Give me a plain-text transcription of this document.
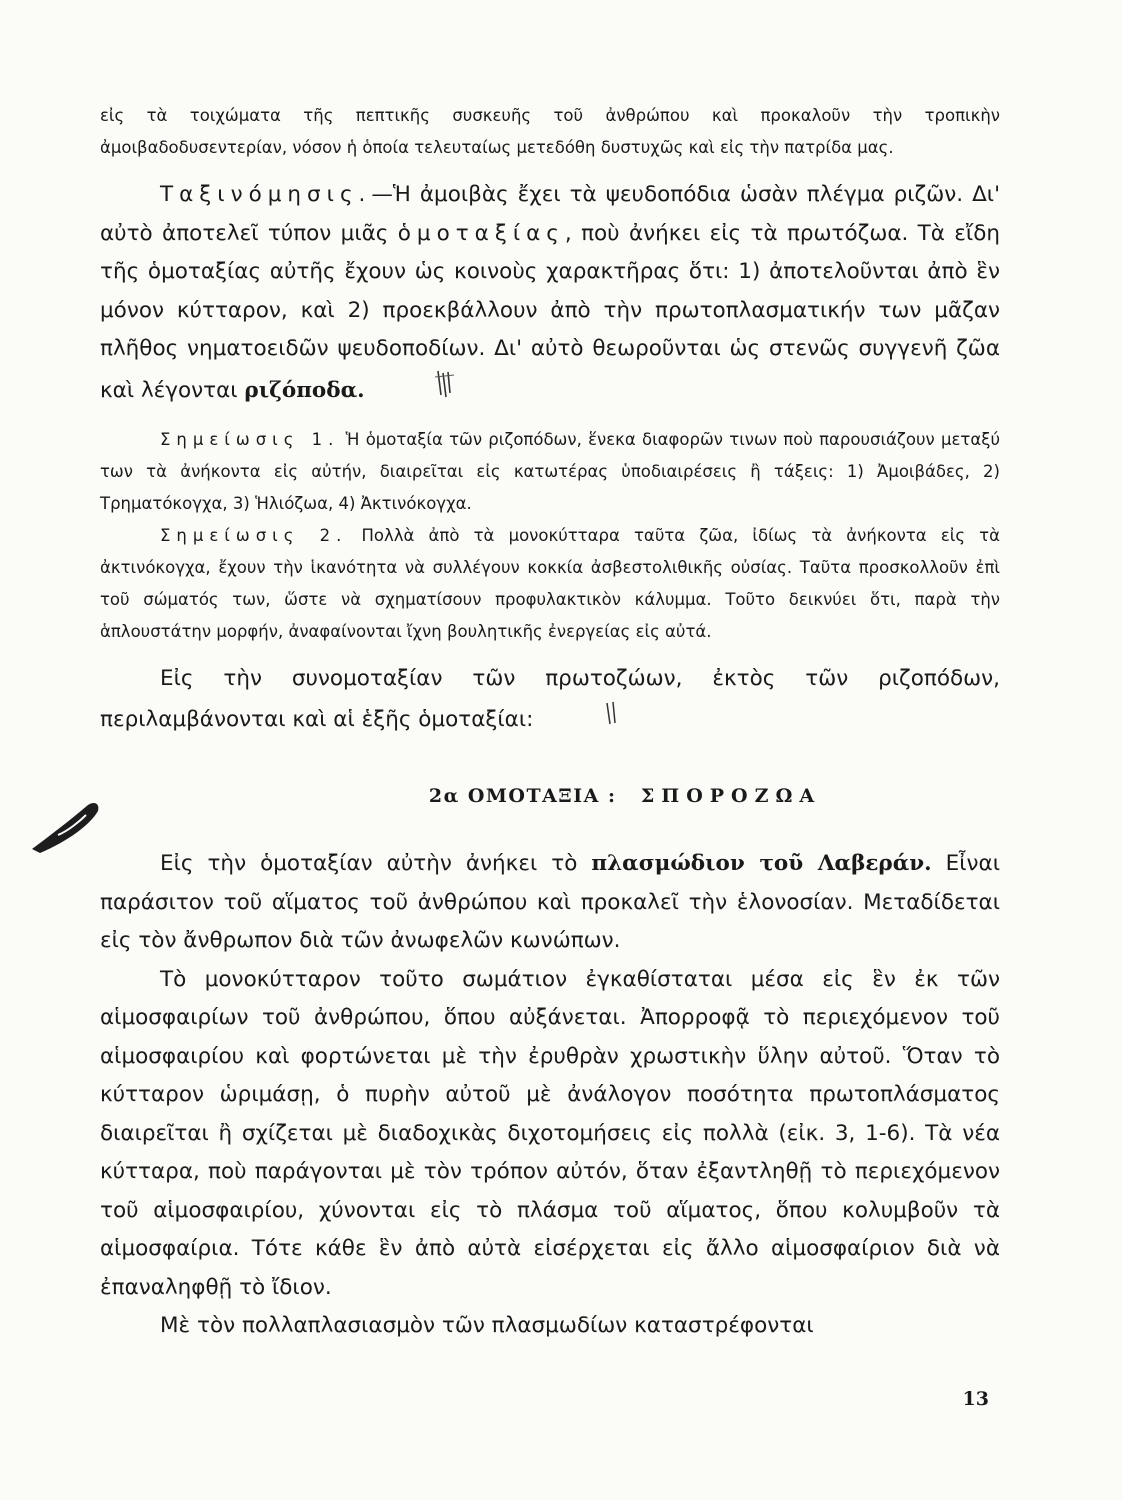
εἰς τὰ τοιχώματα τῆς πεπτικῆς συσκευῆς τοῦ ἀνθρώπου καὶ προκαλοῦν τὴν τροπικὴν ἀμοιβαδοδυσεντερίαν, νόσον ἡ ὁποία τελευταίως μετεδόθη δυστυχῶς καὶ εἰς τὴν πατρίδα μας.

Ταξινόμησις.—Ἡ ἀμοιβὰς ἔχει τὰ ψευδοπόδια ὡσὰν πλέγμα ριζῶν. Δι' αὐτὸ ἀποτελεῖ τύπον μιᾶς ὁμοταξίας, ποὺ ἀνήκει εἰς τὰ πρωτόζωα. Τὰ εἴδη τῆς ὁμοταξίας αὐτῆς ἔχουν ὡς κοινοὺς χαρακτῆρας ὅτι: 1) ἀποτελοῦνται ἀπὸ ἓν μόνον κύτταρον, καὶ 2) προεκβάλλουν ἀπὸ τὴν πρωτοπλασματικήν των μᾶζαν πλῆθος νηματοειδῶν ψευδοποδίων. Δι' αὐτὸ θεωροῦνται ὡς στενῶς συγγενῆ ζῶα καὶ λέγονται ριζόποδα.

Σημείωσις 1. Ἡ ὁμοταξία τῶν ριζοπόδων, ἕνεκα διαφορῶν τινων ποὺ παρουσιάζουν μεταξύ των τὰ ἀνήκοντα εἰς αὐτήν, διαιρεῖται εἰς κατωτέρας ὑποδιαιρέσεις ἢ τάξεις: 1) Ἀμοιβάδες, 2) Τρηματόκογχα, 3) Ἡλιόζωα, 4) Ἀκτινόκογχα.

Σημείωσις 2. Πολλὰ ἀπὸ τὰ μονοκύτταρα ταῦτα ζῶα, ἰδίως τὰ ἀνήκοντα εἰς τὰ ἀκτινόκογχα, ἔχουν τὴν ἱκανότητα νὰ συλλέγουν κοκκία ἀσβεστολιθικῆς οὐσίας. Ταῦτα προσκολλοῦν ἐπὶ τοῦ σώματός των, ὥστε νὰ σχηματίσουν προφυλακτικὸν κάλυμμα. Τοῦτο δεικνύει ὅτι, παρὰ τὴν ἁπλουστάτην μορφήν, ἀναφαίνονται ἴχνη βουλητικῆς ἐνεργείας εἰς αὐτά.

Εἰς τὴν συνομοταξίαν τῶν πρωτοζώων, ἐκτὸς τῶν ριζοπόδων, περιλαμβάνονται καὶ αἱ ἑξῆς ὁμοταξίαι:

2α ΟΜΟΤΑΞΙΑ : ΣΠΟΡΟΖΩΑ

Εἰς τὴν ὁμοταξίαν αὐτὴν ἀνήκει τὸ πλασμώδιον τοῦ Λαβεράν. Εἶναι παράσιτον τοῦ αἵματος τοῦ ἀνθρώπου καὶ προκαλεῖ τὴν ἑλονοσίαν. Μεταδίδεται εἰς τὸν ἄνθρωπον διὰ τῶν ἀνωφελῶν κωνώπων.

Τὸ μονοκύτταρον τοῦτο σωμάτιον ἐγκαθίσταται μέσα εἰς ἓν ἐκ τῶν αἱμοσφαιρίων τοῦ ἀνθρώπου, ὅπου αὐξάνεται. Ἀπορροφᾷ τὸ περιεχόμενον τοῦ αἱμοσφαιρίου καὶ φορτώνεται μὲ τὴν ἐρυθρὰν χρωστικὴν ὕλην αὐτοῦ. Ὅταν τὸ κύτταρον ὡριμάσῃ, ὁ πυρὴν αὐτοῦ μὲ ἀνάλογον ποσότητα πρωτοπλάσματος διαιρεῖται ἢ σχίζεται μὲ διαδοχικὰς διχοτομήσεις εἰς πολλὰ (εἰκ. 3, 1-6). Τὰ νέα κύτταρα, ποὺ παράγονται μὲ τὸν τρόπον αὐτόν, ὅταν ἐξαντληθῇ τὸ περιεχόμενον τοῦ αἱμοσφαιρίου, χύνονται εἰς τὸ πλάσμα τοῦ αἵματος, ὅπου κολυμβοῦν τὰ αἱμοσφαίρια. Τότε κάθε ἓν ἀπὸ αὐτὰ εἰσέρχεται εἰς ἄλλο αἱμοσφαίριον διὰ νὰ ἐπαναληφθῇ τὸ ἴδιον.

Μὲ τὸν πολλαπλασιασμὸν τῶν πλασμωδίων καταστρέφονται

13
